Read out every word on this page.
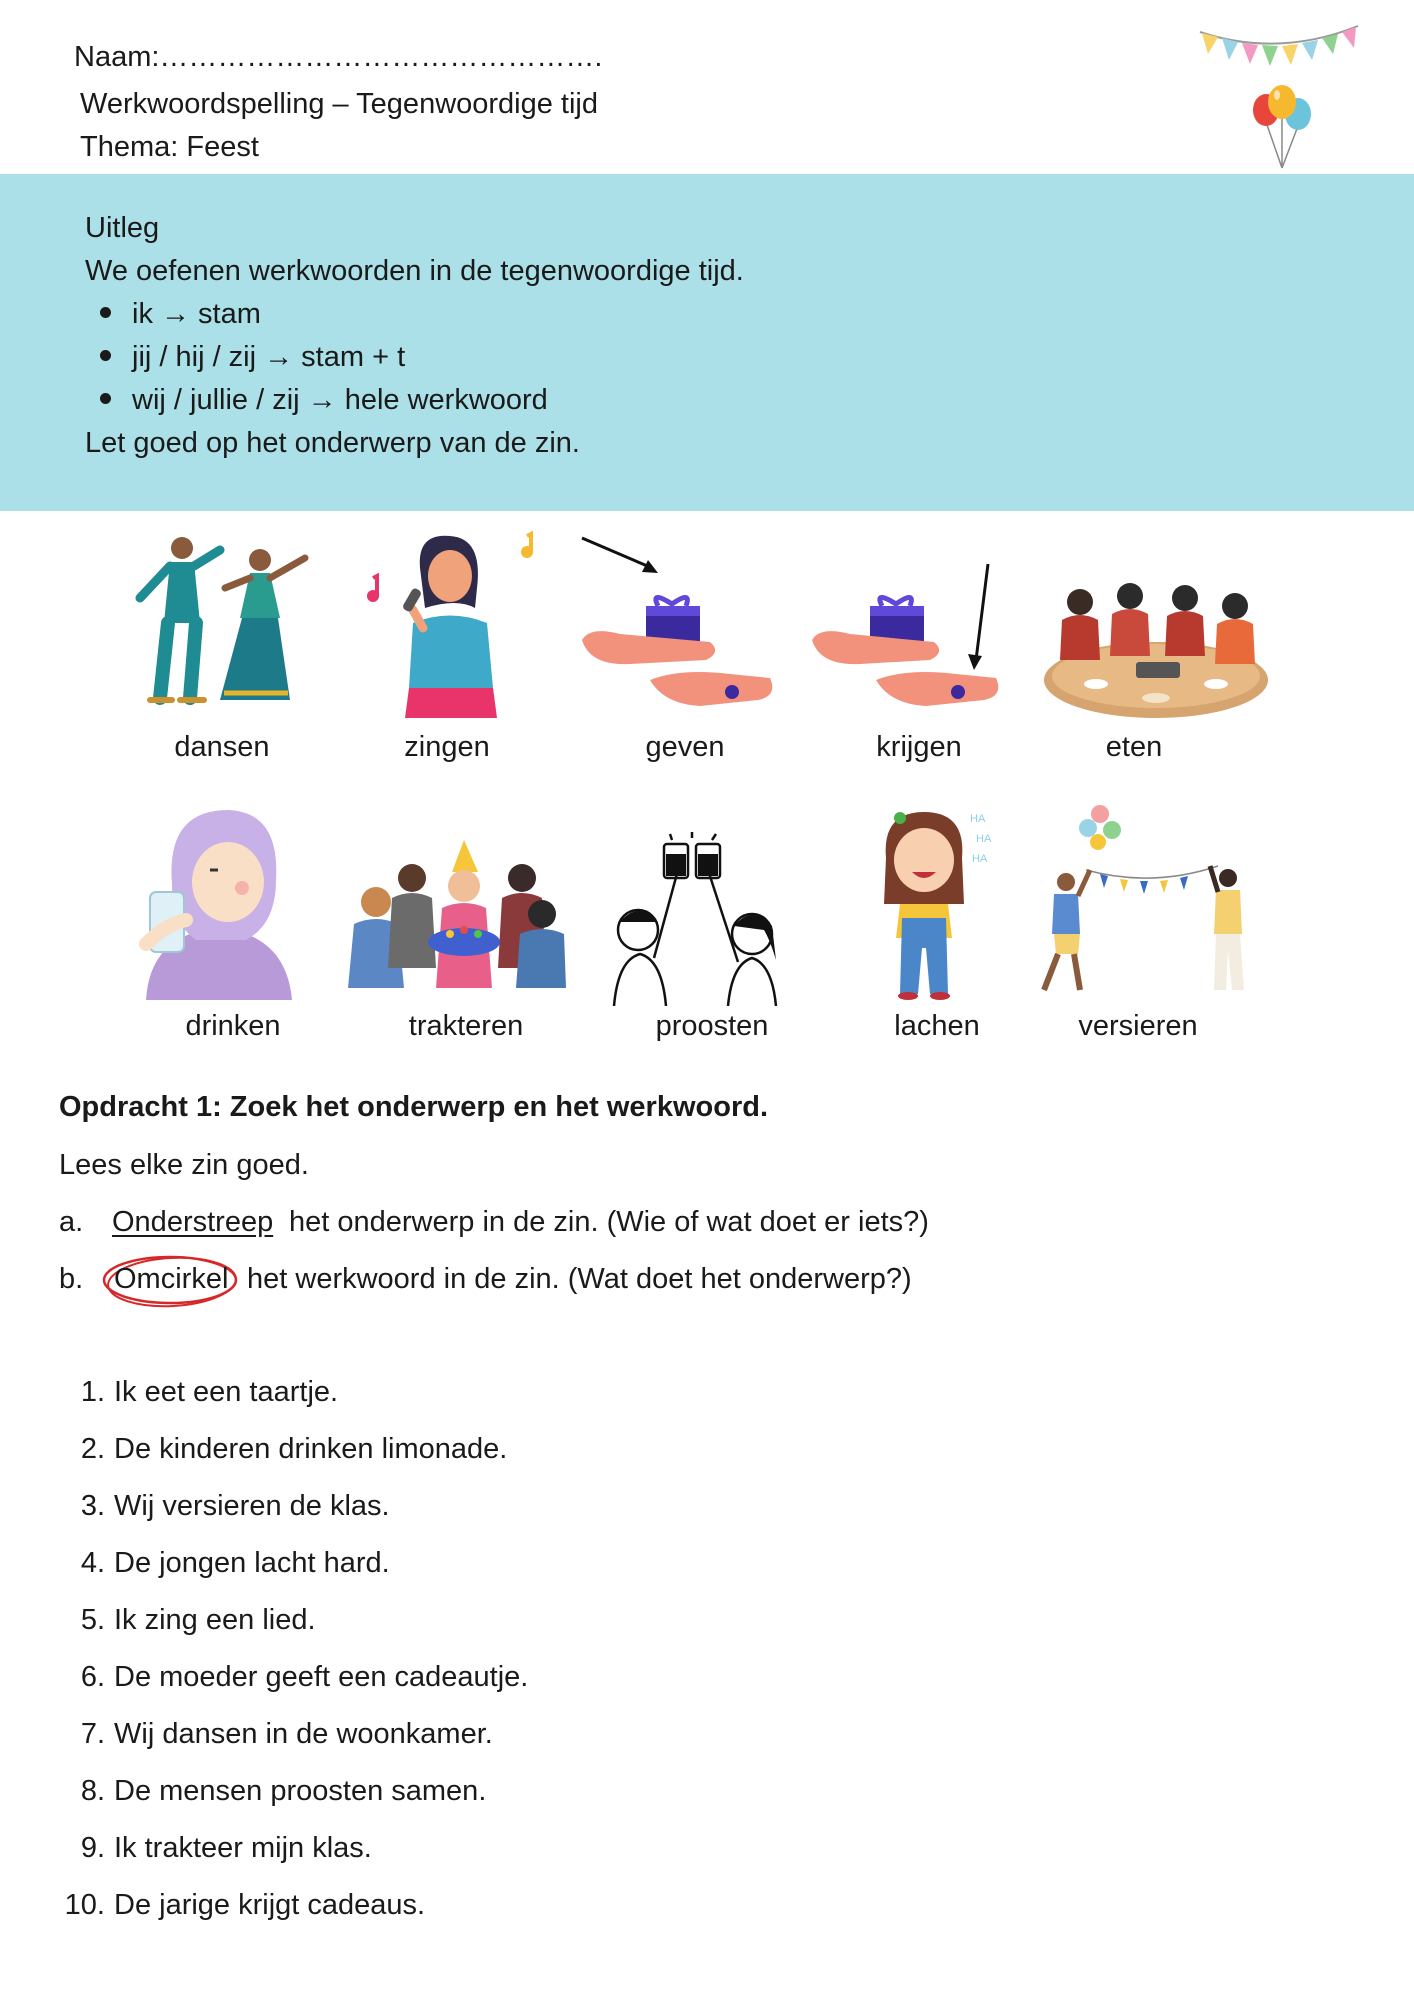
Naam:……………………………………….
Werkwoordspelling – Tegenwoordige tijd
Thema: Feest
Uitleg
We oefenen werkwoorden in de tegenwoordige tijd.
ik → stam
jij / hij / zij → stam + t
wij / jullie / zij → hele werkwoord
Let goed op het onderwerp van de zin.
dansen	zingen	geven	krijgen	eten
HA
HA
HA
drinken	trakteren	proosten	lachen	versieren
Opdracht 1: Zoek het onderwerp en het werkwoord.
Lees elke zin goed.
a. Onderstreep het onderwerp in de zin. (Wie of wat doet er iets?)
b. Omcirkel het werkwoord in de zin. (Wat doet het onderwerp?)
1. Ik eet een taartje.
2. De kinderen drinken limonade.
3. Wij versieren de klas.
4. De jongen lacht hard.
5. Ik zing een lied.
6. De moeder geeft een cadeautje.
7. Wij dansen in de woonkamer.
8. De mensen proosten samen.
9. Ik trakteer mijn klas.
10. De jarige krijgt cadeaus.
